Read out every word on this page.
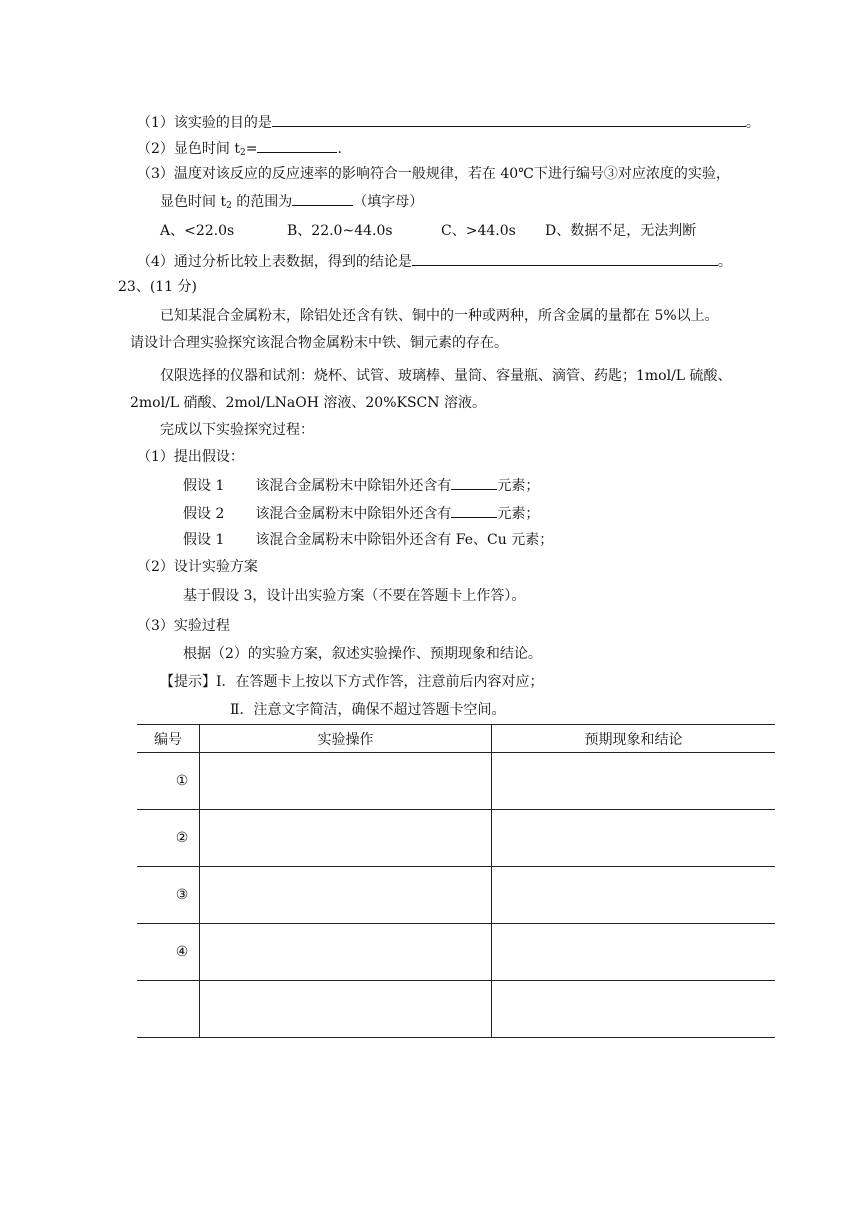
（1）该实验的目的是	。
（2）显色时间 $t_2=$	.
（3）温度对该反应的反应速率的影响符合一般规律，若在 40℃下进行编号③对应浓度的实验，
显色时间 $t_2$ 的范围为	（填字母）
A、<22.0s	B、22.0~44.0s	C、>44.0s D、数据不足，无法判断
（4）通过分析比较上表数据，得到的结论是	。
23、(11 分)
已知某混合金属粉末，除铝处还含有铁、铜中的一种或两种，所含金属的量都在 5%以上。
请设计合理实验探究该混合物金属粉末中铁、铜元素的存在。
仅限选择的仪器和试剂：烧杯、试管、玻璃棒、量筒、容量瓶、滴管、药匙；1mol/L 硫酸、
2mol/L 硝酸、2mol/LNaOH 溶液、20%KSCN 溶液。
完成以下实验探究过程：
（1）提出假设：
假设 1 该混合金属粉末中除铝外还含有	元素；
假设 2 该混合金属粉末中除铝外还含有	元素；
假设 1 该混合金属粉末中除铝外还含有 Fe、Cu 元素；
（2）设计实验方案
基于假设 3，设计出实验方案（不要在答题卡上作答）。
（3）实验过程
根据（2）的实验方案，叙述实验操作、预期现象和结论。
【提示】Ⅰ．在答题卡上按以下方式作答，注意前后内容对应；
Ⅱ．注意文字简洁，确保不超过答题卡空间。
编号	实验操作	预期现象和结论
①		
②		
③		
④		
